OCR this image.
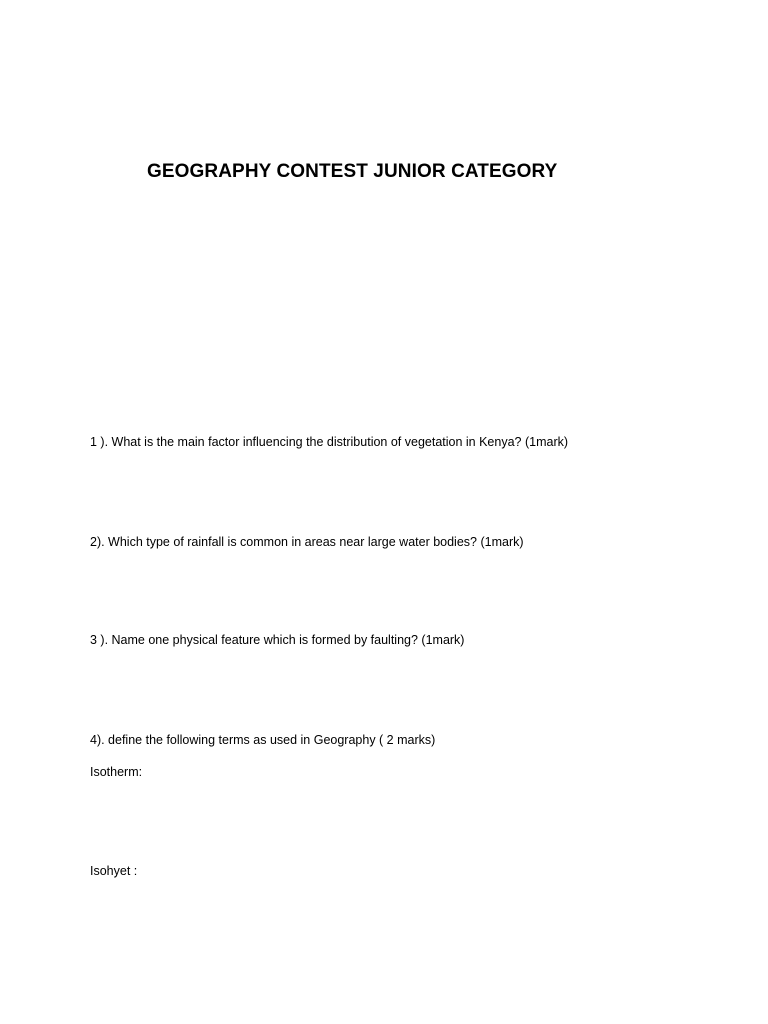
GEOGRAPHY CONTEST JUNIOR CATEGORY
1 ). What is the main factor influencing the distribution of vegetation in Kenya? (1mark)
2). Which type of rainfall is common in areas near large water bodies? (1mark)
3 ). Name one physical feature which is formed by faulting? (1mark)
4). define the following terms as used in Geography ( 2 marks)
Isotherm:
Isohyet :
